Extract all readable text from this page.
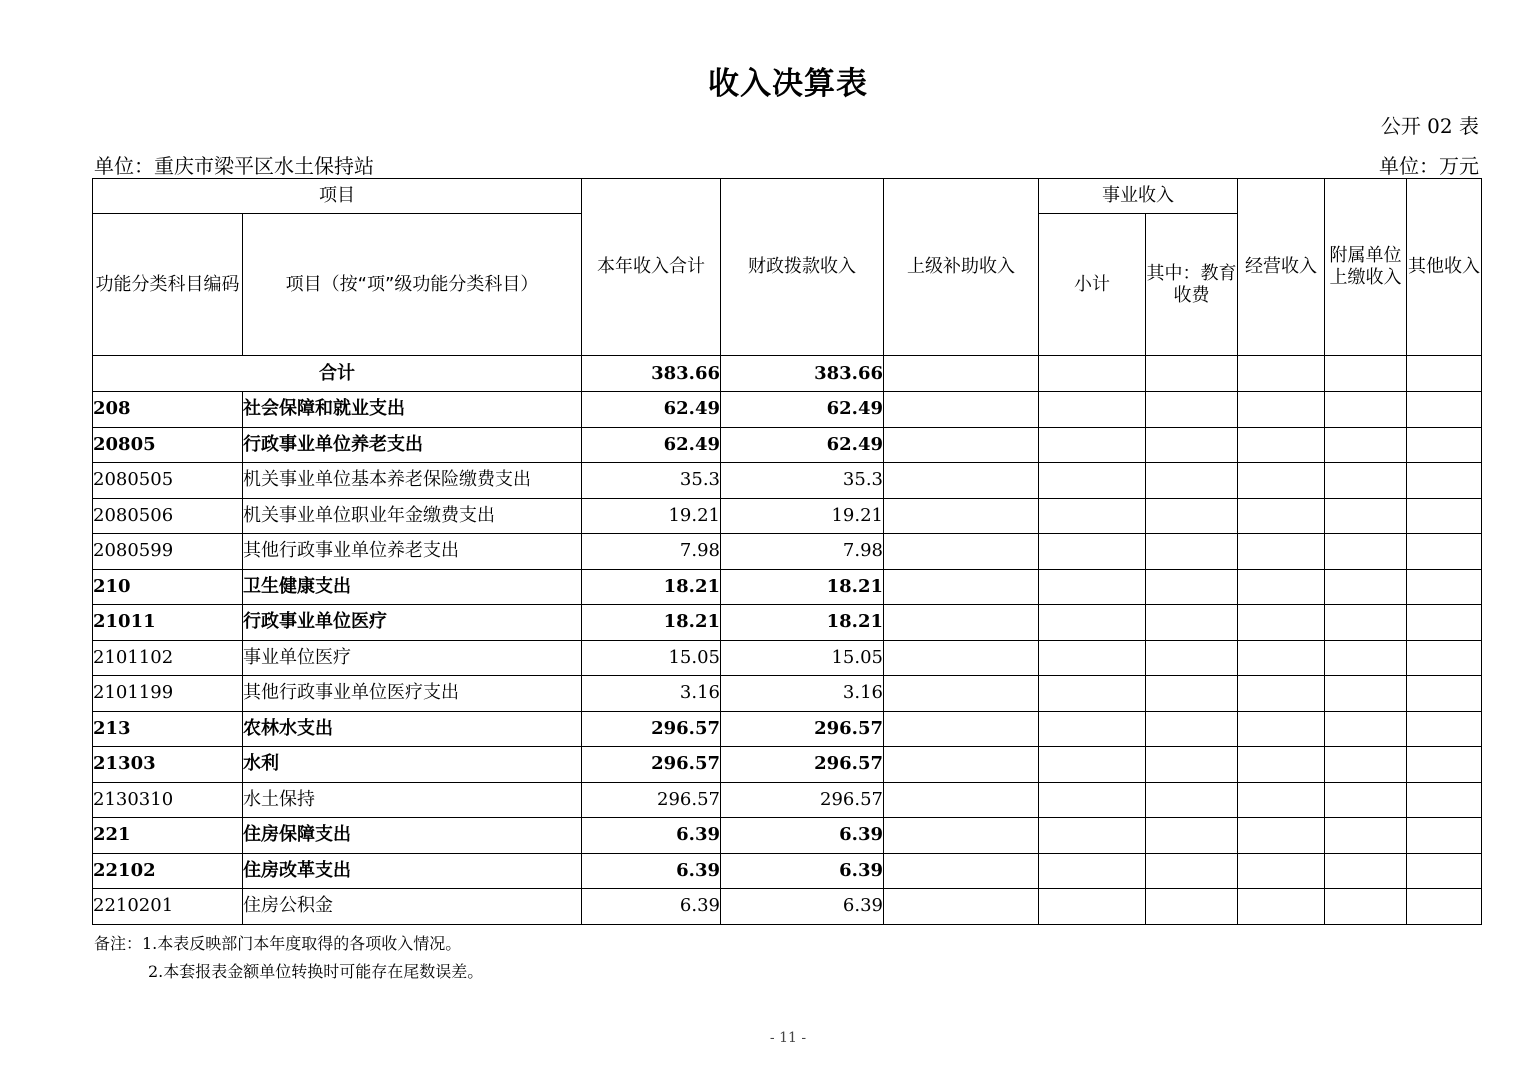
收入决算表
公开 02 表
单位：重庆市梁平区水土保持站	单位：万元
项目		本年收入合计	财政拨款收入	上级补助收入	事业收入		经营收入	附属单位上缴收入	其他收入
功能分类科目编码	项目（按“项”级功能分类科目）				小计	其中：教育收费			
合计		383.66	383.66						
208	社会保障和就业支出	62.49	62.49						
20805	行政事业单位养老支出	62.49	62.49						
2080505	机关事业单位基本养老保险缴费支出	35.3	35.3						
2080506	机关事业单位职业年金缴费支出	19.21	19.21						
2080599	其他行政事业单位养老支出	7.98	7.98						
210	卫生健康支出	18.21	18.21						
21011	行政事业单位医疗	18.21	18.21						
2101102	事业单位医疗	15.05	15.05						
2101199	其他行政事业单位医疗支出	3.16	3.16						
213	农林水支出	296.57	296.57						
21303	水利	296.57	296.57						
2130310	水土保持	296.57	296.57						
221	住房保障支出	6.39	6.39						
22102	住房改革支出	6.39	6.39						
2210201	住房公积金	6.39	6.39						
备注：1.本表反映部门本年度取得的各项收入情况。
2.本套报表金额单位转换时可能存在尾数误差。
- 11 -
